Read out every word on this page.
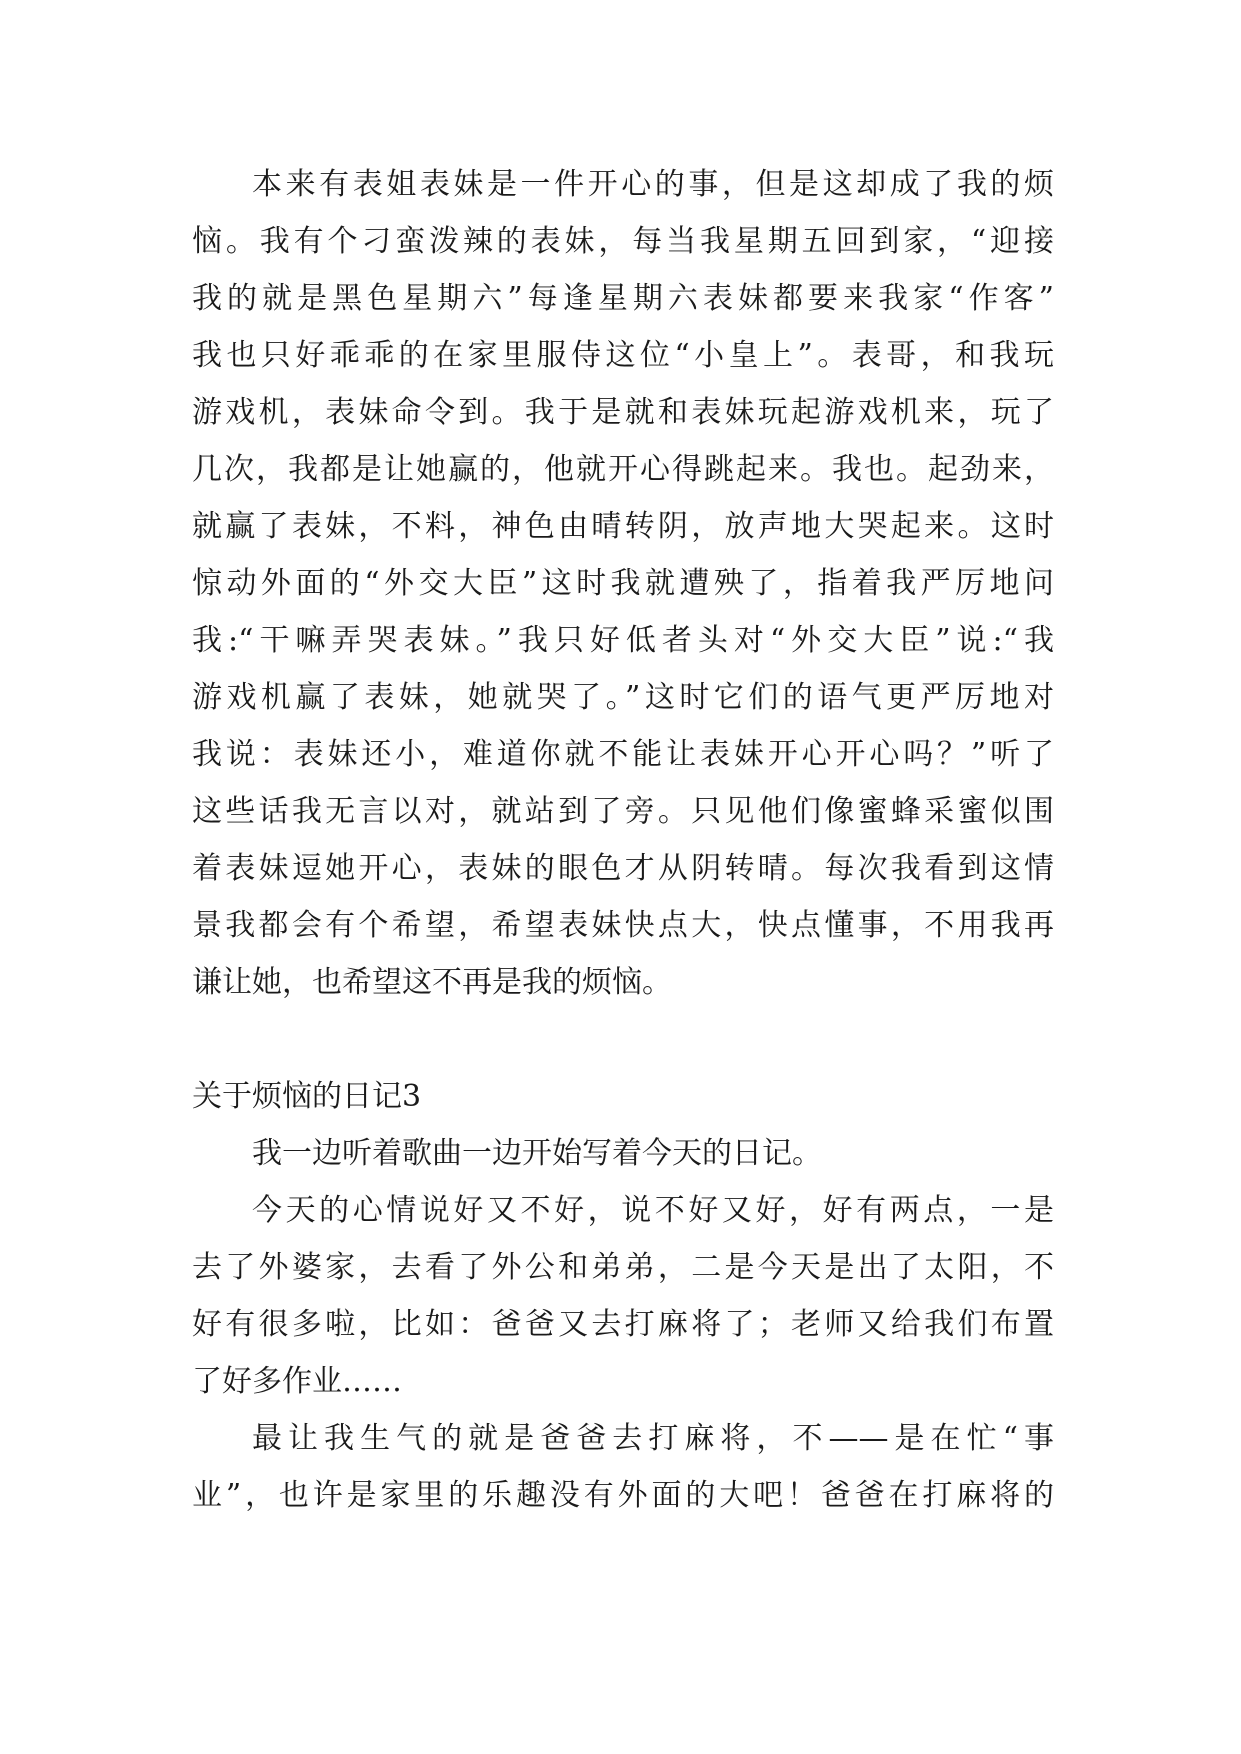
本来有表姐表妹是一件开心的事，但是这却成了我的烦
恼。我有个刁蛮泼辣的表妹，每当我星期五回到家，“迎接
我的就是黑色星期六”每逢星期六表妹都要来我家“作客”
我也只好乖乖的在家里服侍这位“小皇上”。表哥，和我玩
游戏机，表妹命令到。我于是就和表妹玩起游戏机来，玩了
几次，我都是让她赢的，他就开心得跳起来。我也。起劲来，
就赢了表妹，不料，神色由晴转阴，放声地大哭起来。这时
惊动外面的“外交大臣”这时我就遭殃了，指着我严厉地问
我:“干嘛弄哭表妹。”我只好低者头对“外交大臣”说:“我
游戏机赢了表妹，她就哭了。”这时它们的语气更严厉地对
我说：表妹还小，难道你就不能让表妹开心开心吗？”听了
这些话我无言以对，就站到了旁。只见他们像蜜蜂采蜜似围
着表妹逗她开心，表妹的眼色才从阴转晴。每次我看到这情
景我都会有个希望，希望表妹快点大，快点懂事，不用我再
谦让她，也希望这不再是我的烦恼。
关于烦恼的日记3
我一边听着歌曲一边开始写着今天的日记。
今天的心情说好又不好，说不好又好，好有两点，一是
去了外婆家，去看了外公和弟弟，二是今天是出了太阳，不
好有很多啦，比如：爸爸又去打麻将了；老师又给我们布置
了好多作业……
最让我生气的就是爸爸去打麻将，不——是在忙“事
业”，也许是家里的乐趣没有外面的大吧！爸爸在打麻将的
